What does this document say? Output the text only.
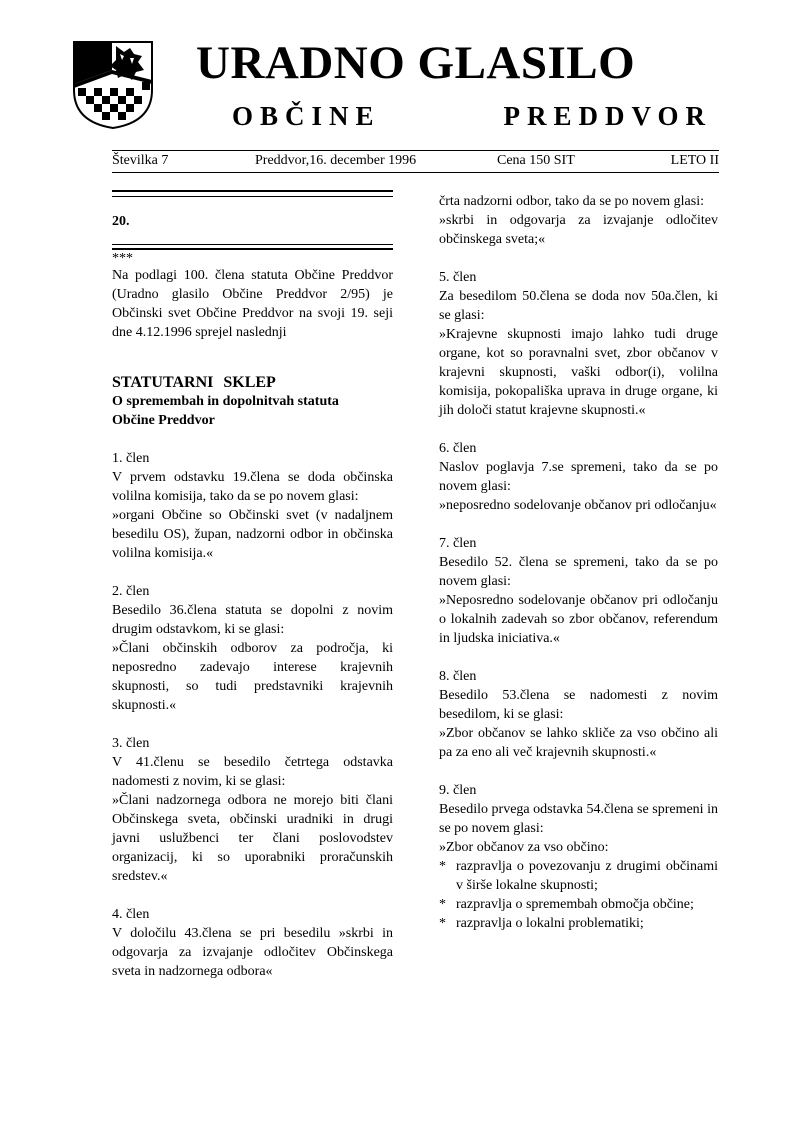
URADNO GLASILO
OBČINE	PREDDVOR
Številka 7	Preddvor,16. december 1996	Cena 150 SIT	LETO II

20.

***

Na podlagi 100. člena statuta Občine Preddvor (Uradno glasilo Občine Preddvor 2/95) je Občinski svet Občine Preddvor na svoji 19. seji dne 4.12.1996 sprejel naslednji

STATUTARNI SKLEP

O spremembah in dopolnitvah statuta

Občine Preddvor

1. člen

V prvem odstavku 19.člena se doda občinska volilna komisija, tako da se po novem glasi:

»organi Občine so Občinski svet (v nadaljnem besedilu OS), župan, nadzorni odbor in občinska volilna komisija.«

2. člen

Besedilo 36.člena statuta se dopolni z novim drugim odstavkom, ki se glasi:

»Člani občinskih odborov za področja, ki neposredno zadevajo interese krajevnih skupnosti, so tudi predstavniki krajevnih skupnosti.«

3. člen

V 41.členu se besedilo četrtega odstavka nadomesti z novim, ki se glasi:

»Člani nadzornega odbora ne morejo biti člani Občinskega sveta, občinski uradniki in drugi javni uslužbenci ter člani poslovodstev organizacij, ki so uporabniki proračunskih sredstev.«

4. člen

V določilu 43.člena se pri besedilu »skrbi in odgovarja za izvajanje odločitev Občinskega sveta in nadzornega odbora«

črta nadzorni odbor, tako da se po novem glasi:

»skrbi in odgovarja za izvajanje odločitev občinskega sveta;«

5. člen

Za besedilom 50.člena se doda nov 50a.člen, ki se glasi:

»Krajevne skupnosti imajo lahko tudi druge organe, kot so poravnalni svet, zbor občanov v krajevni skupnosti, vaški odbor(i), volilna komisija, pokopališka uprava in druge organe, ki jih določi statut krajevne skupnosti.«

6. člen

Naslov poglavja 7.se spremeni, tako da se po novem glasi:

»neposredno sodelovanje občanov pri odločanju«

7. člen

Besedilo 52. člena se spremeni, tako da se po novem glasi:

»Neposredno sodelovanje občanov pri odločanju o lokalnih zadevah so zbor občanov, referendum in ljudska iniciativa.«

8. člen

Besedilo 53.člena se nadomesti z novim besedilom, ki se glasi:

»Zbor občanov se lahko skliče za vso občino ali pa za eno ali več krajevnih skupnosti.«

9. člen

Besedilo prvega odstavka 54.člena se spremeni in se po novem glasi:

»Zbor občanov za vso občino:

* razpravlja o povezovanju z drugimi občinami v širše lokalne skupnosti;
* razpravlja o spremembah območja občine;
* razpravlja o lokalni problematiki;
